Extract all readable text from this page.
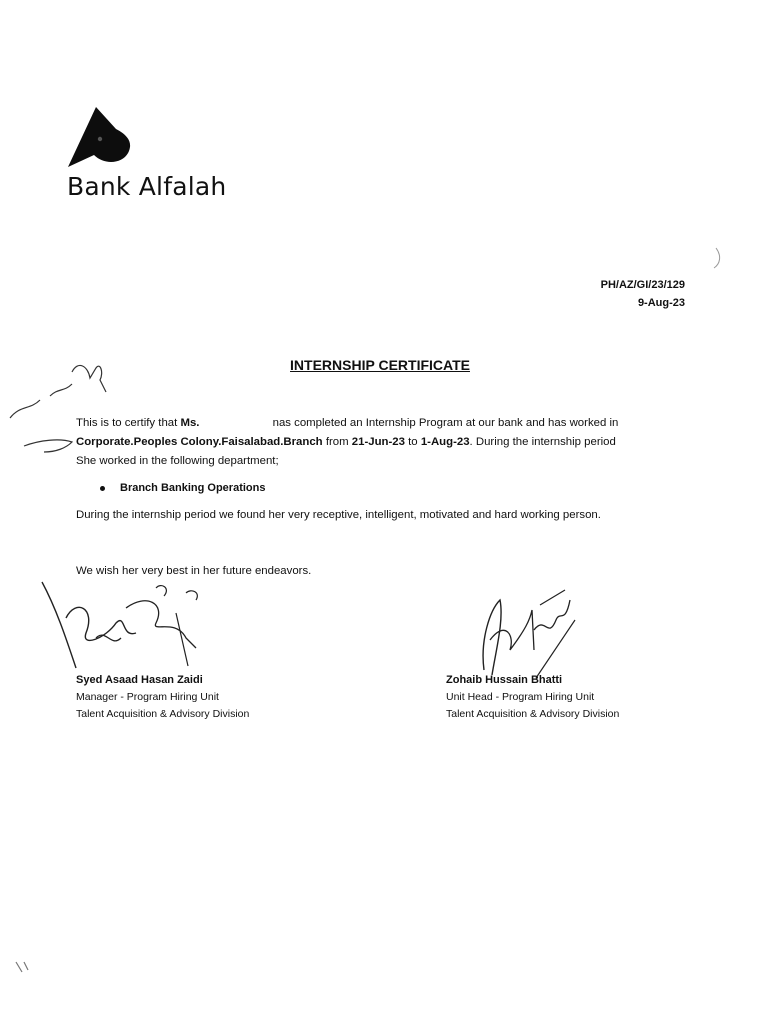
Bank Alfalah
PH/AZ/GI/23/129
9-Aug-23
INTERNSHIP CERTIFICATE
This is to certify that Ms.	nas completed an Internship Program at our bank and has worked in
Corporate.Peoples Colony.Faisalabad.Branch from 21-Jun-23 to 1-Aug-23. During the internship period
She worked in the following department;
Branch Banking Operations
During the internship period we found her very receptive, intelligent, motivated and hard working person.
We wish her very best in her future endeavors.
Syed Asaad Hasan Zaidi
Manager - Program Hiring Unit
Talent Acquisition & Advisory Division
Zohaib Hussain Bhatti
Unit Head - Program Hiring Unit
Talent Acquisition & Advisory Division
